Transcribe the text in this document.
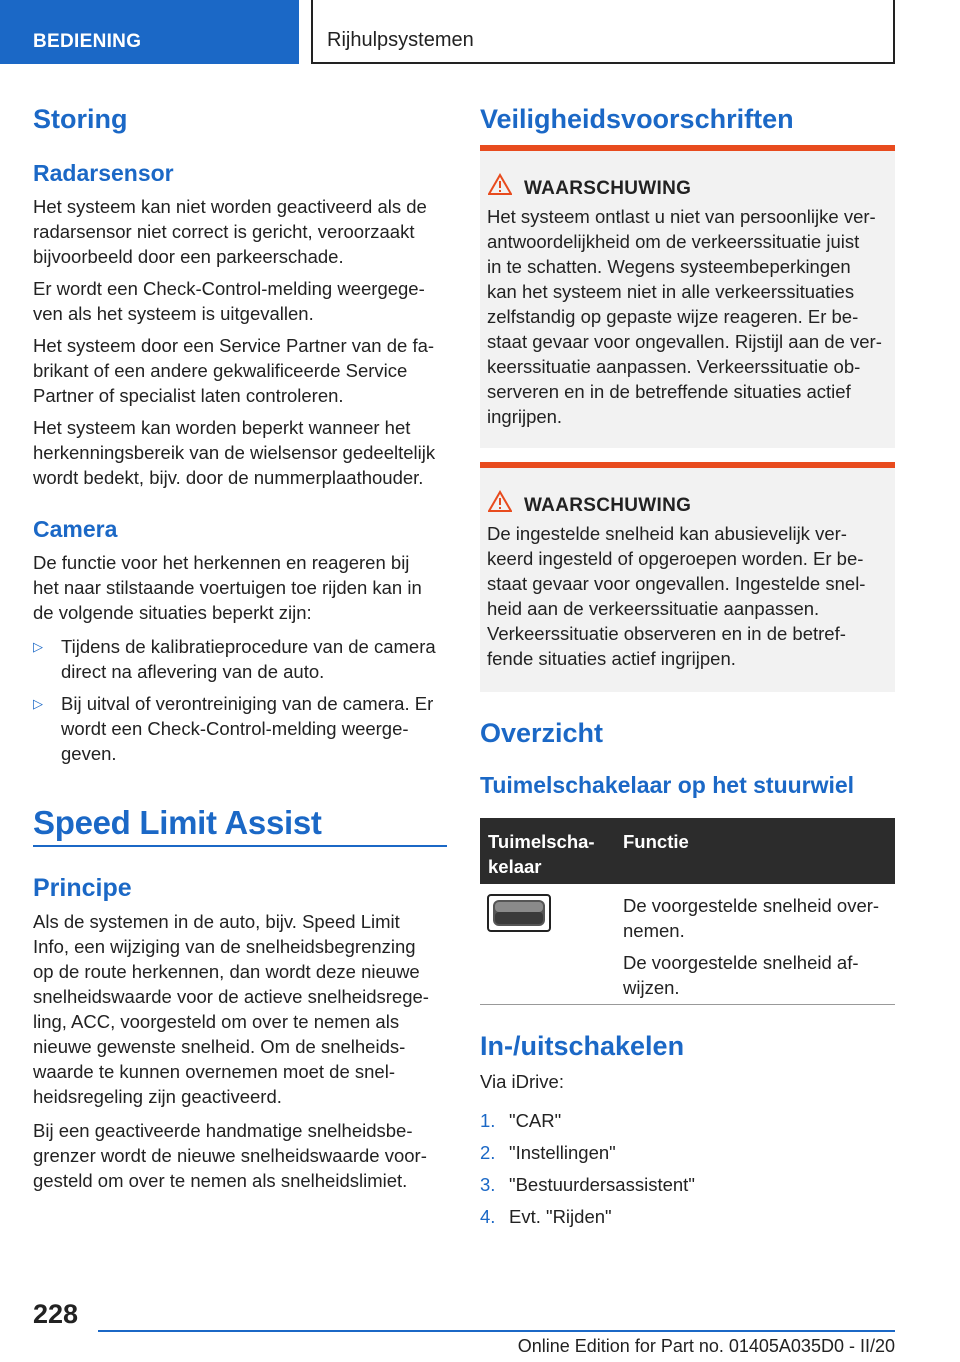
BEDIENING	Rijhulpsystemen
Storing
Radarsensor
Het systeem kan niet worden geactiveerd als de
radarsensor niet correct is gericht, veroorzaakt
bijvoorbeeld door een parkeerschade.
Er wordt een Check-Control-melding weergege-
ven als het systeem is uitgevallen.
Het systeem door een Service Partner van de fa-
brikant of een andere gekwalificeerde Service
Partner of specialist laten controleren.
Het systeem kan worden beperkt wanneer het
herkenningsbereik van de wielsensor gedeeltelijk
wordt bedekt, bijv. door de nummerplaathouder.
Camera
De functie voor het herkennen en reageren bij
het naar stilstaande voertuigen toe rijden kan in
de volgende situaties beperkt zijn:
▷ Tijdens de kalibratieprocedure van de camera
direct na aflevering van de auto.
▷ Bij uitval of verontreiniging van de camera. Er
wordt een Check-Control-melding weerge-
geven.
Speed Limit Assist
Principe
Als de systemen in de auto, bijv. Speed Limit
Info, een wijziging van de snelheidsbegrenzing
op de route herkennen, dan wordt deze nieuwe
snelheidswaarde voor de actieve snelheidsrege-
ling, ACC, voorgesteld om over te nemen als
nieuwe gewenste snelheid. Om de snelheids-
waarde te kunnen overnemen moet de snel-
heidsregeling zijn geactiveerd.
Bij een geactiveerde handmatige snelheidsbe-
grenzer wordt de nieuwe snelheidswaarde voor-
gesteld om over te nemen als snelheidslimiet.
Veiligheidsvoorschriften
WAARSCHUWING
Het systeem ontlast u niet van persoonlijke ver-
antwoordelijkheid om de verkeerssituatie juist
in te schatten. Wegens systeembeperkingen
kan het systeem niet in alle verkeerssituaties
zelfstandig op gepaste wijze reageren. Er be-
staat gevaar voor ongevallen. Rijstijl aan de ver-
keerssituatie aanpassen. Verkeerssituatie ob-
serveren en in de betreffende situaties actief
ingrijpen.
WAARSCHUWING
De ingestelde snelheid kan abusievelijk ver-
keerd ingesteld of opgeroepen worden. Er be-
staat gevaar voor ongevallen. Ingestelde snel-
heid aan de verkeerssituatie aanpassen.
Verkeerssituatie observeren en in de betref-
fende situaties actief ingrijpen.
Overzicht
Tuimelschakelaar op het stuurwiel
Tuimelscha-
kelaar
Functie
De voorgestelde snelheid over-
nemen.
De voorgestelde snelheid af-
wijzen.
In-/uitschakelen
Via iDrive:
1. "CAR"
2. "Instellingen"
3. "Bestuurdersassistent"
4. Evt. "Rijden"
228
Online Edition for Part no. 01405A035D0 - II/20
